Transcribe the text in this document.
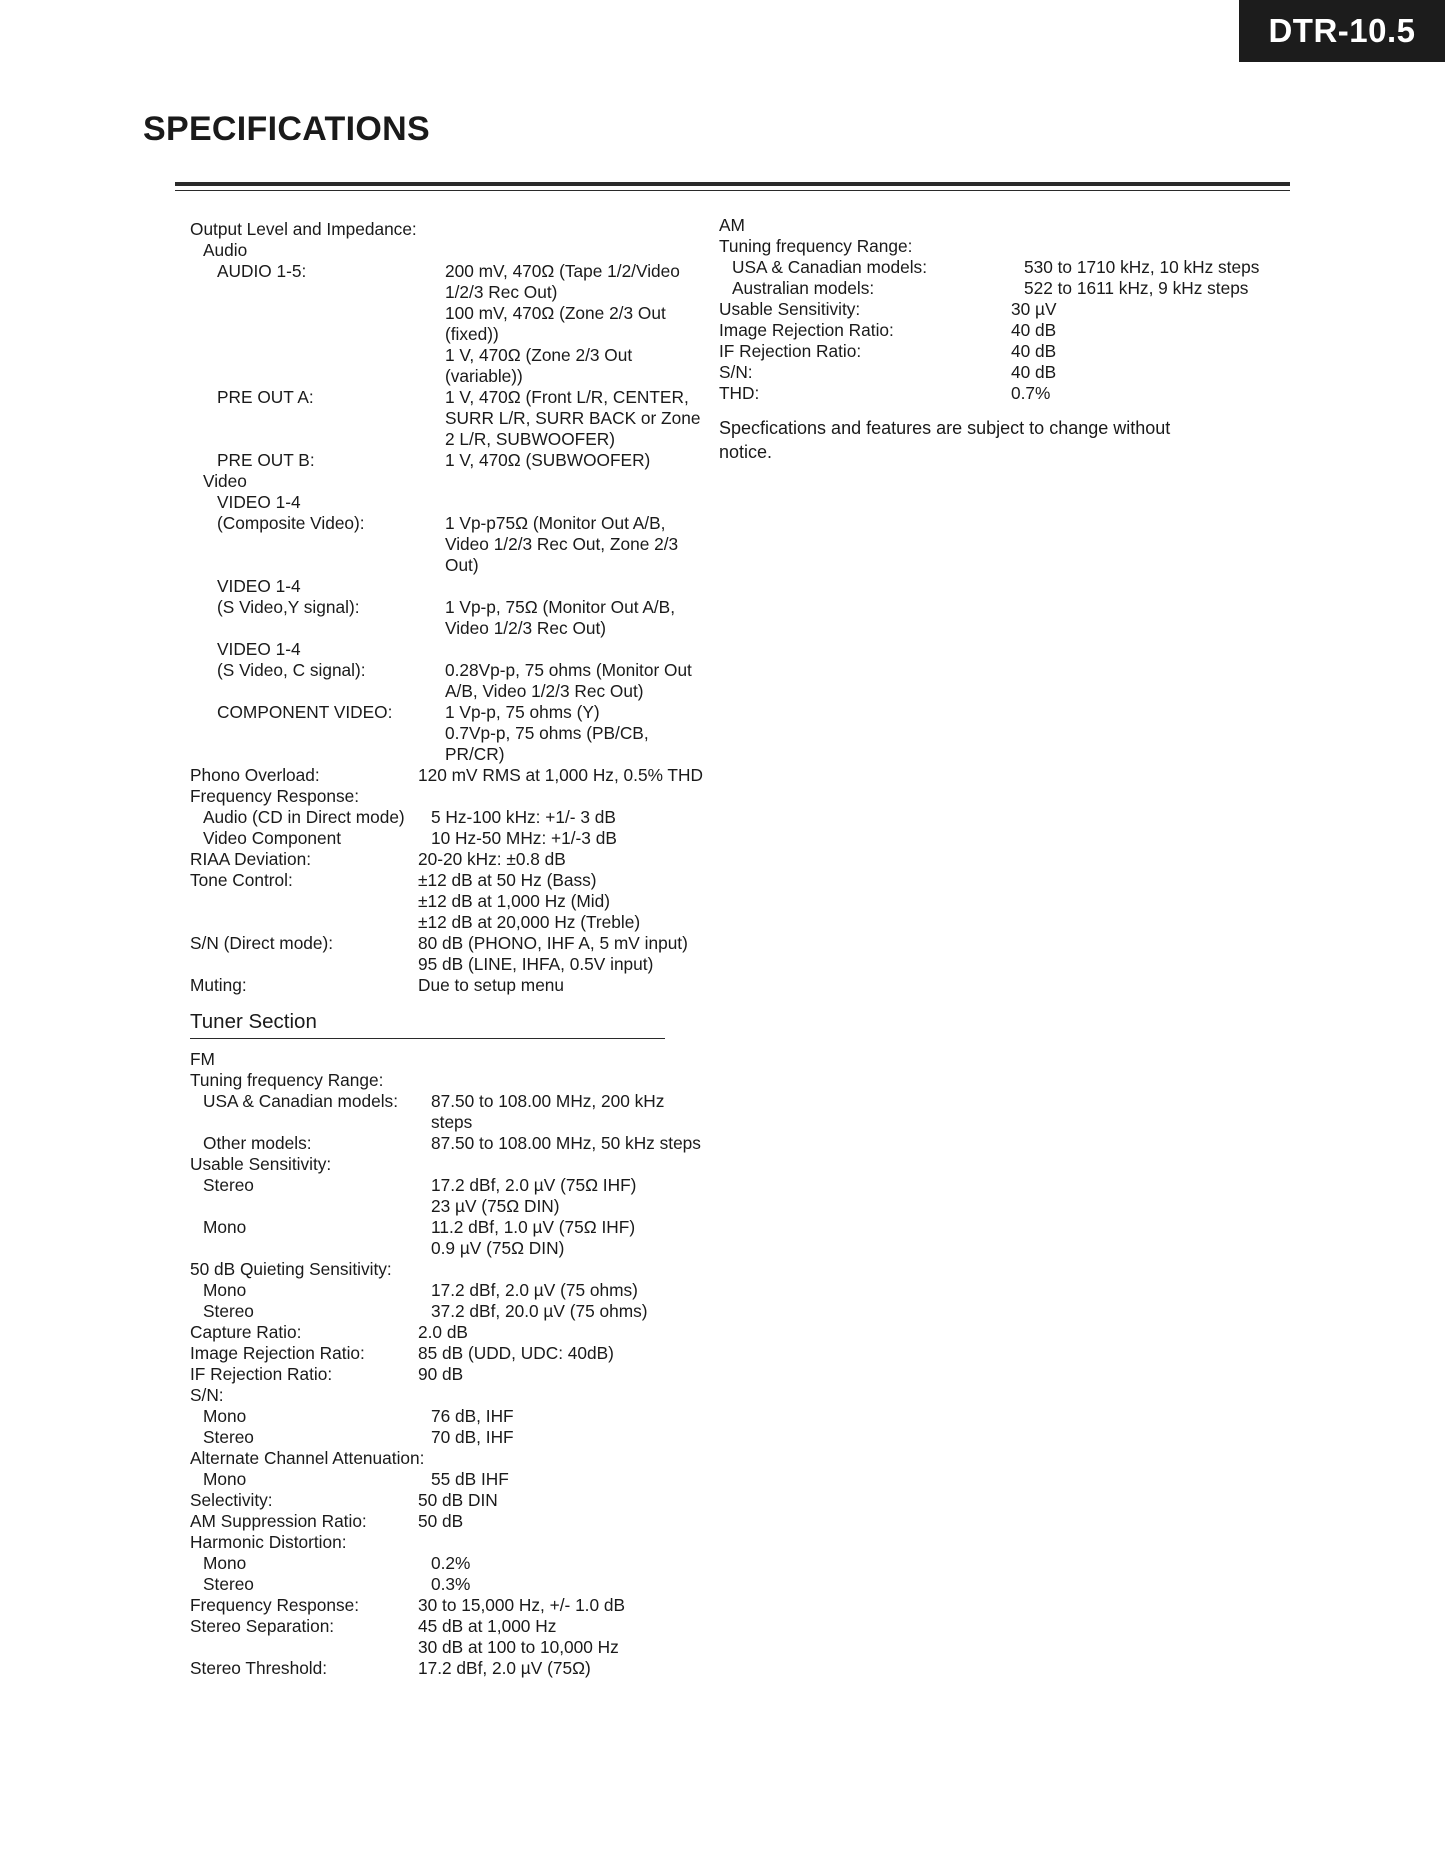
DTR-10.5
SPECIFICATIONS
Output Level and Impedance:
Audio
AUDIO 1-5:	200 mV, 470Ω (Tape 1/2/Video 1/2/3 Rec Out)
100 mV, 470Ω (Zone 2/3 Out (fixed))
1 V, 470Ω (Zone 2/3 Out (variable))
PRE OUT A:	1 V, 470Ω (Front L/R, CENTER, SURR L/R, SURR BACK or Zone 2 L/R, SUBWOOFER)
PRE OUT B:	1 V, 470Ω (SUBWOOFER)
Video
VIDEO 1-4
(Composite Video):	1 Vp-p75Ω (Monitor Out A/B, Video 1/2/3 Rec Out, Zone 2/3 Out)
VIDEO 1-4
(S Video,Y signal):	1 Vp-p, 75Ω (Monitor Out A/B, Video 1/2/3 Rec Out)
VIDEO 1-4
(S Video, C signal):	0.28Vp-p, 75 ohms (Monitor Out A/B, Video 1/2/3 Rec Out)
COMPONENT VIDEO:	1 Vp-p, 75 ohms (Y)
0.7Vp-p, 75 ohms (PB/CB, PR/CR)
Phono Overload:	120 mV RMS at 1,000 Hz, 0.5% THD
Frequency Response:
Audio (CD in Direct mode)	5 Hz-100 kHz: +1/- 3 dB
Video Component	10 Hz-50 MHz: +1/-3 dB
RIAA Deviation:	20-20 kHz: ±0.8 dB
Tone Control:	±12 dB at 50 Hz (Bass)
±12 dB at 1,000 Hz (Mid)
±12 dB at 20,000 Hz (Treble)
S/N (Direct mode):	80 dB (PHONO, IHF A, 5 mV input)
95 dB (LINE, IHFA, 0.5V input)
Muting:	Due to setup menu
Tuner Section
FM
Tuning frequency Range:
USA & Canadian models:	87.50 to 108.00 MHz, 200 kHz steps
Other models:	87.50 to 108.00 MHz, 50 kHz steps
Usable Sensitivity:
Stereo	17.2 dBf, 2.0 µV (75Ω IHF)
23 µV (75Ω DIN)
Mono	11.2 dBf, 1.0 µV (75Ω IHF)
0.9 µV (75Ω DIN)
50 dB Quieting Sensitivity:
Mono	17.2 dBf, 2.0 µV (75 ohms)
Stereo	37.2 dBf, 20.0 µV (75 ohms)
Capture Ratio:	2.0 dB
Image Rejection Ratio:	85 dB (UDD, UDC: 40dB)
IF Rejection Ratio:	90 dB
S/N:
Mono	76 dB, IHF
Stereo	70 dB, IHF
Alternate Channel Attenuation:
Mono	55 dB IHF
Selectivity:	50 dB DIN
AM Suppression Ratio:	50 dB
Harmonic Distortion:
Mono	0.2%
Stereo	0.3%
Frequency Response:	30 to 15,000 Hz, +/- 1.0 dB
Stereo Separation:	45 dB at 1,000 Hz
30 dB at 100 to 10,000 Hz
Stereo Threshold:	17.2 dBf, 2.0 µV (75Ω)
AM
Tuning frequency Range:
USA & Canadian models:	530 to 1710 kHz, 10 kHz steps
Australian models:	522 to 1611 kHz, 9 kHz steps
Usable Sensitivity:	30 µV
Image Rejection Ratio:	40 dB
IF Rejection Ratio:	40 dB
S/N:	40 dB
THD:	0.7%
Specfications and features are subject to change without notice.
